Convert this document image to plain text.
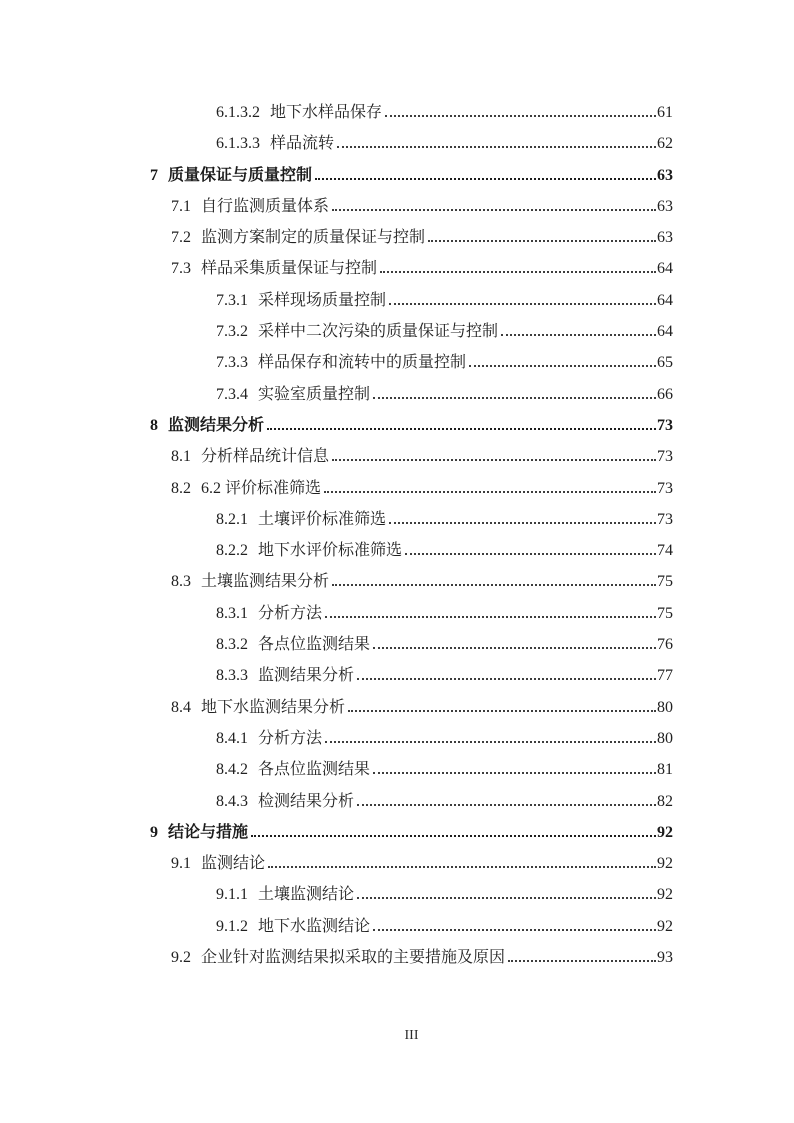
6.1.3.2 地下水样品保存	61
6.1.3.3 样品流转	62
7 质量保证与质量控制	63
7.1 自行监测质量体系	63
7.2 监测方案制定的质量保证与控制	63
7.3 样品采集质量保证与控制	64
7.3.1 采样现场质量控制	64
7.3.2 采样中二次污染的质量保证与控制	64
7.3.3 样品保存和流转中的质量控制	65
7.3.4 实验室质量控制	66
8 监测结果分析	73
8.1 分析样品统计信息	73
8.2 6.2 评价标准筛选	73
8.2.1 土壤评价标准筛选	73
8.2.2 地下水评价标准筛选	74
8.3 土壤监测结果分析	75
8.3.1 分析方法	75
8.3.2 各点位监测结果	76
8.3.3 监测结果分析	77
8.4 地下水监测结果分析	80
8.4.1 分析方法	80
8.4.2 各点位监测结果	81
8.4.3 检测结果分析	82
9 结论与措施	92
9.1 监测结论	92
9.1.1 土壤监测结论	92
9.1.2 地下水监测结论	92
9.2 企业针对监测结果拟采取的主要措施及原因	93
III
